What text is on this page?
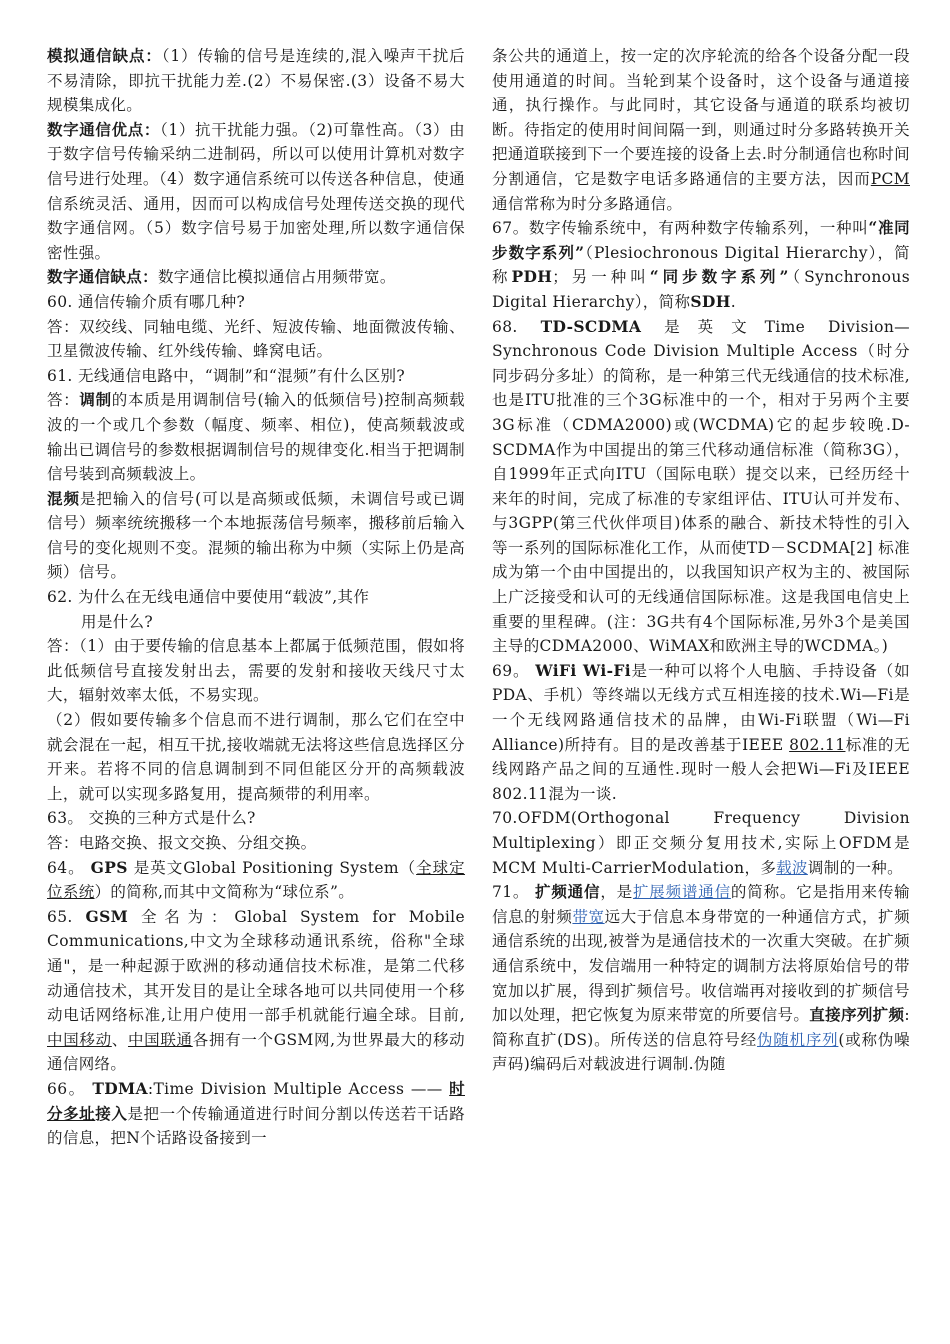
模拟通信缺点：（1）传输的信号是连续的,混入噪声干扰后不易清除，即抗干扰能力差.(2）不易保密.(3）设备不易大规模集成化。

数字通信优点：（1）抗干扰能力强。（2)可靠性高。（3）由于数字信号传输采纳二进制码，所以可以使用计算机对数字信号进行处理。（4）数字通信系统可以传送各种信息，使通信系统灵活、通用，因而可以构成信号处理传送交换的现代数字通信网。（5）数字信号易于加密处理,所以数字通信保密性强。

数字通信缺点：数字通信比模拟通信占用频带宽。

60. 通信传输介质有哪几种?

答：双绞线、同轴电缆、光纤、短波传输、地面微波传输、卫星微波传输、红外线传输、蜂窝电话。

61. 无线通信电路中，“调制”和“混频”有什么区别?

答：调制的本质是用调制信号(输入的低频信号)控制高频载波的一个或几个参数（幅度、频率、相位)，使高频载波或输出已调信号的参数根据调制信号的规律变化.相当于把调制信号装到高频载波上。

混频是把输入的信号(可以是高频或低频，未调信号或已调信号）频率统统搬移一个本地振荡信号频率，搬移前后输入信号的变化规则不变。混频的输出称为中频（实际上仍是高频）信号。

62. 为什么在无线电通信中要使用“载波”,其作

用是什么?

答：（1）由于要传输的信息基本上都属于低频范围，假如将此低频信号直接发射出去，需要的发射和接收天线尺寸太大，辐射效率太低，不易实现。

（2）假如要传输多个信息而不进行调制，那么它们在空中就会混在一起，相互干扰,接收端就无法将这些信息选择区分开来。若将不同的信息调制到不同但能区分开的高频载波上，就可以实现多路复用，提高频带的利用率。

63。 交换的三种方式是什么?

答：电路交换、报文交换、分组交换。

64。 GPS 是英文Global Positioning System（全球定位系统）的简称,而其中文简称为“球位系”。

65. GSM 全名为：Global System for Mobile Communications,中文为全球移动通讯系统，俗称"全球通"，是一种起源于欧洲的移动通信技术标准，是第二代移动通信技术，其开发目的是让全球各地可以共同使用一个移动电话网络标准,让用户使用一部手机就能行遍全球。目前,中国移动、中国联通各拥有一个GSM网,为世界最大的移动通信网络。

66。 TDMA:Time Division Multiple Access —— 时分多址接入是把一个传输通道进行时间分割以传送若干话路的信息，把N个话路设备接到一

条公共的通道上，按一定的次序轮流的给各个设备分配一段使用通道的时间。当轮到某个设备时，这个设备与通道接通，执行操作。与此同时，其它设备与通道的联系均被切断。待指定的使用时间间隔一到，则通过时分多路转换开关把通道联接到下一个要连接的设备上去.时分制通信也称时间分割通信，它是数字电话多路通信的主要方法，因而PCM通信常称为时分多路通信。

67。数字传输系统中，有两种数字传输系列，一种叫“准同步数字系列”（Plesiochronous Digital Hierarchy），简称PDH；另一种叫“同步数字系列”（Synchronous Digital Hierarchy），简称SDH.

68. TD-SCDMA 是英文Time Division—Synchronous Code Division Multiple Access（时分同步码分多址）的简称，是一种第三代无线通信的技术标准,也是ITU批准的三个3G标准中的一个，相对于另两个主要3G标准（CDMA2000)或(WCDMA)它的起步较晚.D-SCDMA作为中国提出的第三代移动通信标准（简称3G），自1999年正式向ITU（国际电联）提交以来，已经历经十来年的时间，完成了标准的专家组评估、ITU认可并发布、与3GPP(第三代伙伴项目)体系的融合、新技术特性的引入等一系列的国际标准化工作，从而使TD－SCDMA[2] 标准成为第一个由中国提出的，以我国知识产权为主的、被国际上广泛接受和认可的无线通信国际标准。这是我国电信史上重要的里程碑。(注：3G共有4个国际标准,另外3个是美国主导的CDMA2000、WiMAX和欧洲主导的WCDMA。)

69。 WiFi Wi-Fi是一种可以将个人电脑、手持设备（如PDA、手机）等终端以无线方式互相连接的技术.Wi—Fi是一个无线网路通信技术的品牌，由Wi-Fi联盟（Wi—Fi Alliance)所持有。目的是改善基于IEEE 802.11标准的无线网路产品之间的互通性.现时一般人会把Wi—Fi及IEEE 802.11混为一谈.

70.OFDM(Orthogonal Frequency Division Multiplexing）即正交频分复用技术,实际上OFDM是MCM Multi-CarrierModulation，多载波调制的一种。

71。 扩频通信，是扩展频谱通信的简称。它是指用来传输信息的射频带宽远大于信息本身带宽的一种通信方式，扩频通信系统的出现,被誉为是通信技术的一次重大突破。在扩频通信系统中，发信端用一种特定的调制方法将原始信号的带宽加以扩展，得到扩频信号。收信端再对接收到的扩频信号加以处理，把它恢复为原来带宽的所要信号。直接序列扩频:简称直扩(DS)。所传送的信息符号经伪随机序列(或称伪噪声码)编码后对载波进行调制.伪随
